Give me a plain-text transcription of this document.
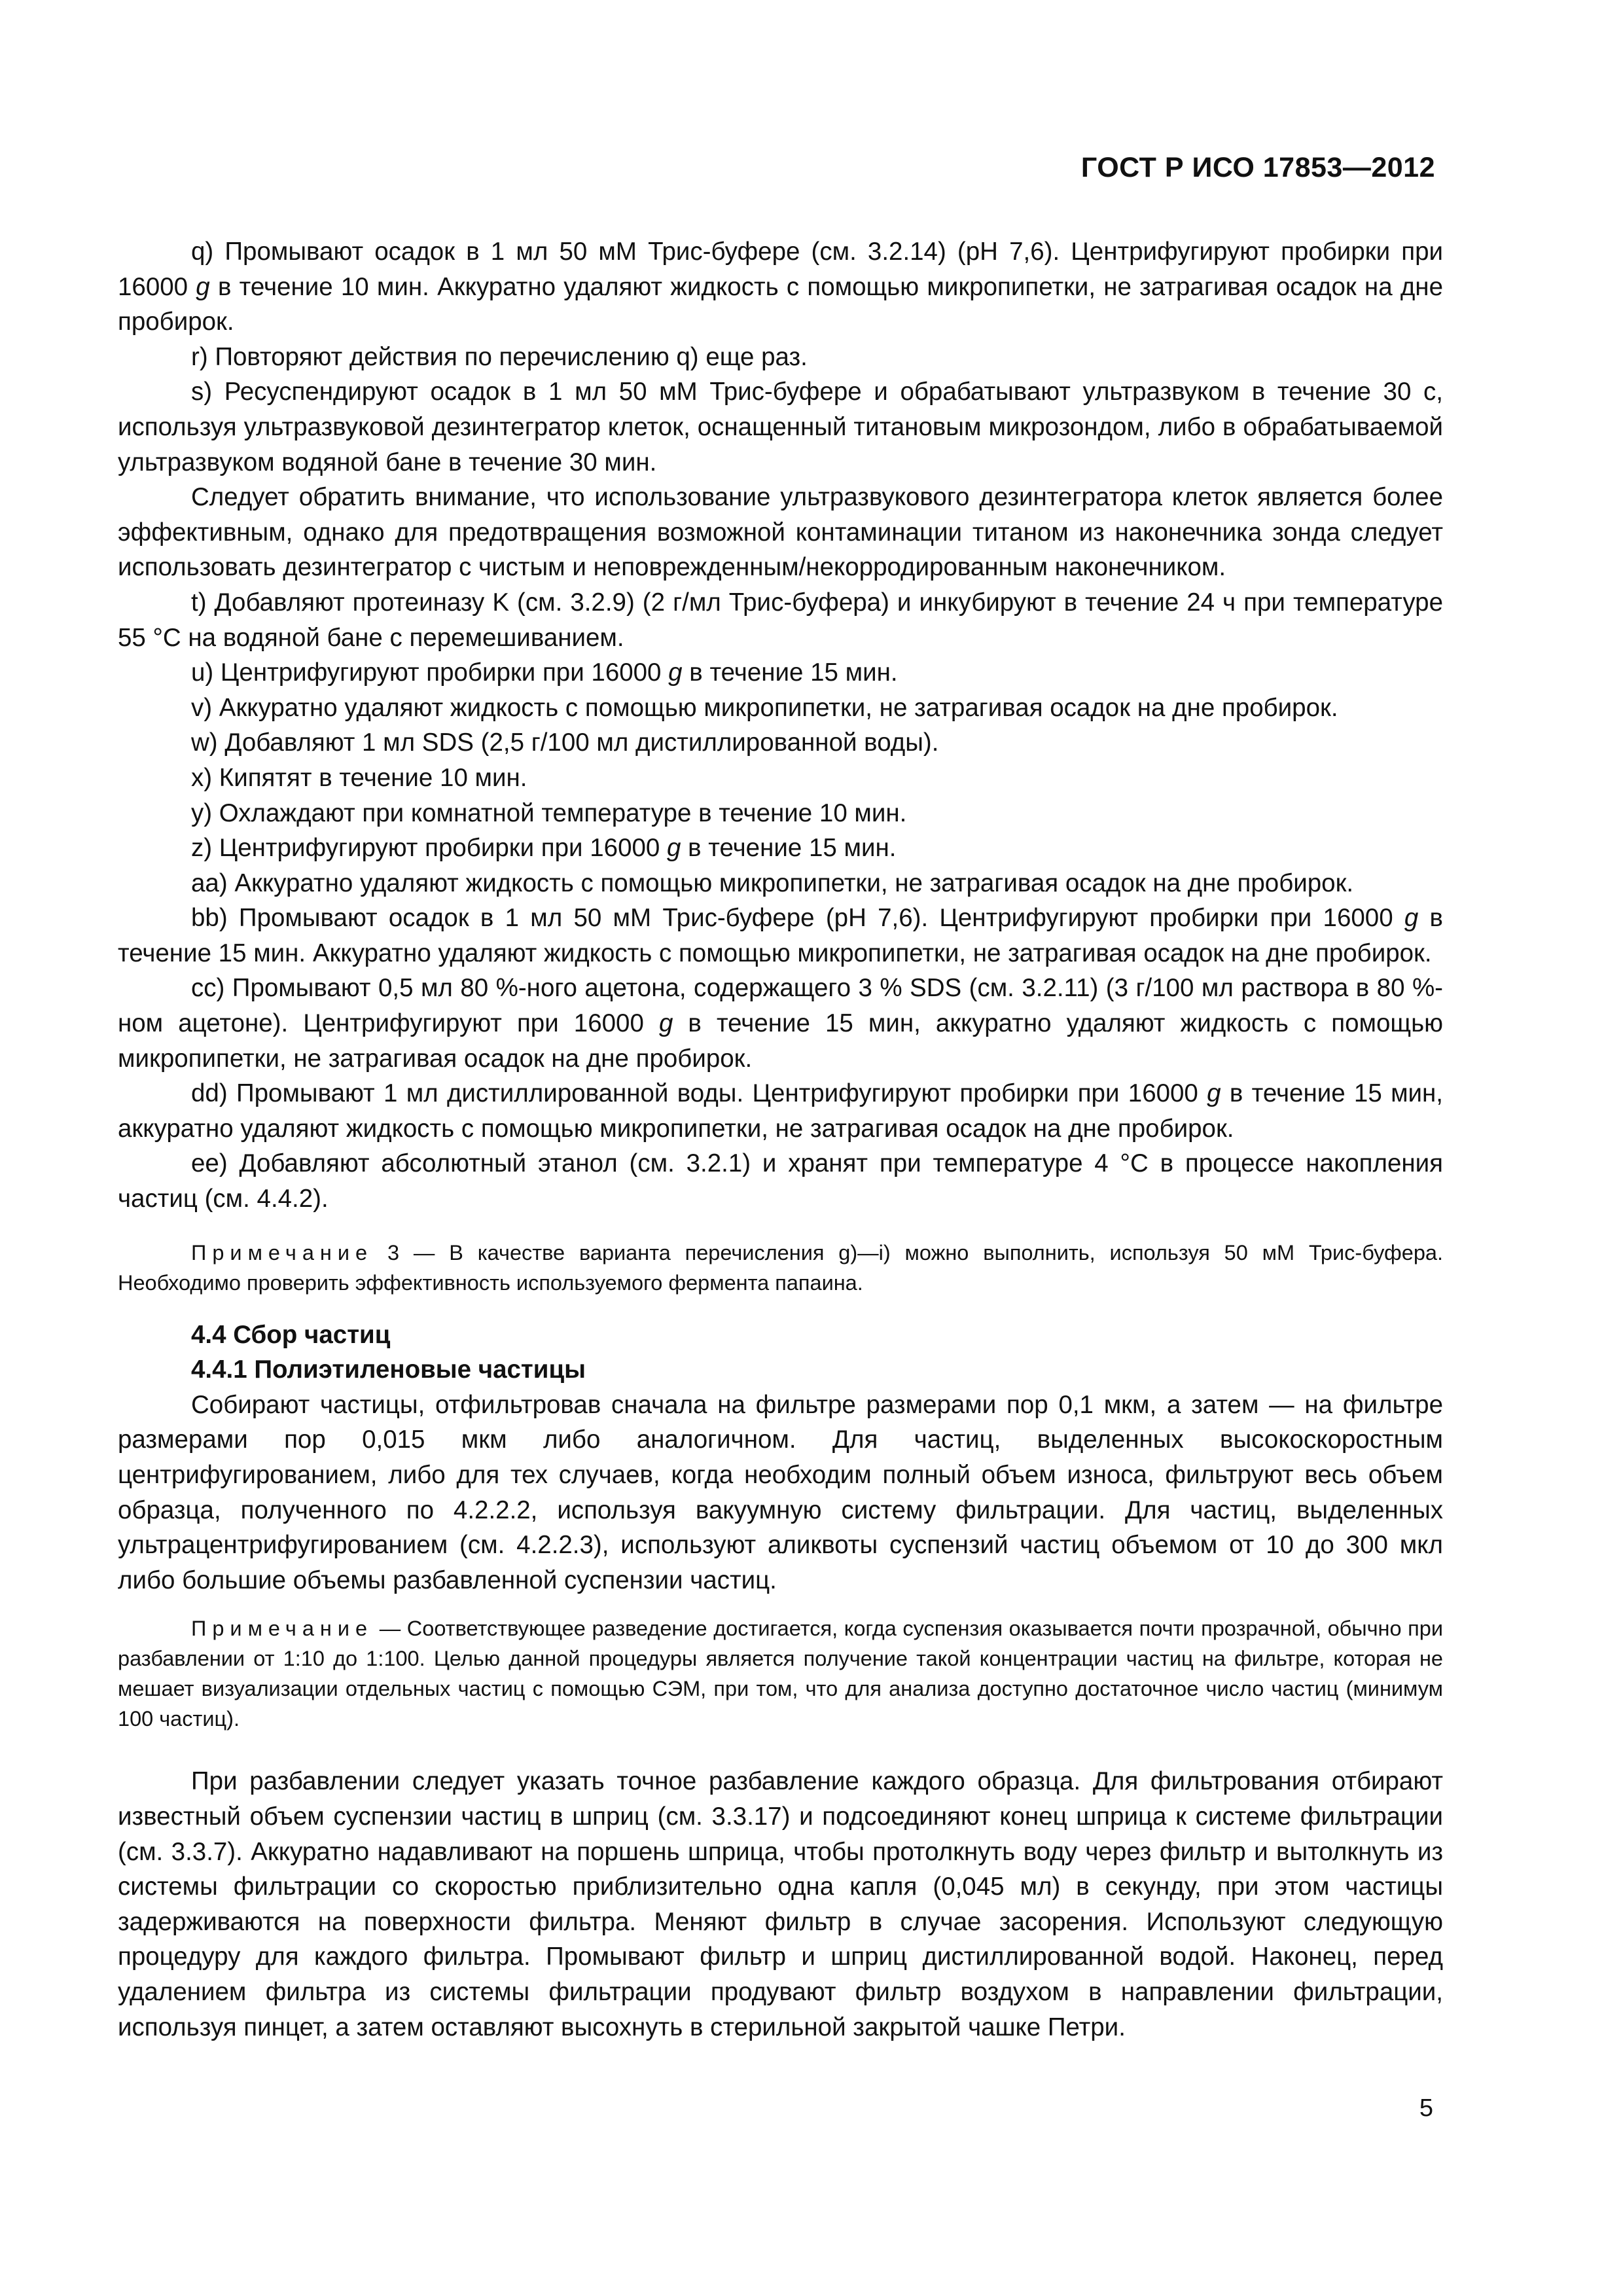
ГОСТ Р ИСО 17853—2012

q) Промывают осадок в 1 мл 50 мМ Трис-буфере (см. 3.2.14) (pH 7,6). Центрифугируют пробирки при 16000 g в течение 10 мин. Аккуратно удаляют жидкость с помощью микропипетки, не затрагивая осадок на дне пробирок.

r) Повторяют действия по перечислению q) еще раз.

s) Ресуспендируют осадок в 1 мл 50 мМ Трис-буфере и обрабатывают ультразвуком в течение 30 с, используя ультразвуковой дезинтегратор клеток, оснащенный титановым микрозондом, либо в обрабатываемой ультразвуком водяной бане в течение 30 мин.

Следует обратить внимание, что использование ультразвукового дезинтегратора клеток является более эффективным, однако для предотвращения возможной контаминации титаном из наконечника зонда следует использовать дезинтегратор с чистым и неповрежденным/некорродированным наконечником.

t) Добавляют протеиназу K (см. 3.2.9) (2 г/мл Трис-буфера) и инкубируют в течение 24 ч при температуре 55 °C на водяной бане с перемешиванием.

u) Центрифугируют пробирки при 16000 g в течение 15 мин.

v) Аккуратно удаляют жидкость с помощью микропипетки, не затрагивая осадок на дне пробирок.

w) Добавляют 1 мл SDS (2,5 г/100 мл дистиллированной воды).

x) Кипятят в течение 10 мин.

y) Охлаждают при комнатной температуре в течение 10 мин.

z) Центрифугируют пробирки при 16000 g в течение 15 мин.

aa) Аккуратно удаляют жидкость с помощью микропипетки, не затрагивая осадок на дне пробирок.

bb) Промывают осадок в 1 мл 50 мМ Трис-буфере (pH 7,6). Центрифугируют пробирки при 16000 g в течение 15 мин. Аккуратно удаляют жидкость с помощью микропипетки, не затрагивая осадок на дне пробирок.

cc) Промывают 0,5 мл 80 %-ного ацетона, содержащего 3 % SDS (см. 3.2.11) (3 г/100 мл раствора в 80 %-ном ацетоне). Центрифугируют при 16000 g в течение 15 мин, аккуратно удаляют жидкость с помощью микропипетки, не затрагивая осадок на дне пробирок.

dd) Промывают 1 мл дистиллированной воды. Центрифугируют пробирки при 16000 g в течение 15 мин, аккуратно удаляют жидкость с помощью микропипетки, не затрагивая осадок на дне пробирок.

ee) Добавляют абсолютный этанол (см. 3.2.1) и хранят при температуре 4 °C в процессе накопления частиц (см. 4.4.2).

Примечание 3 — В качестве варианта перечисления g)—i) можно выполнить, используя 50 мМ Трис-буфера. Необходимо проверить эффективность используемого фермента папаина.

4.4 Сбор частиц

4.4.1 Полиэтиленовые частицы

Собирают частицы, отфильтровав сначала на фильтре размерами пор 0,1 мкм, а затем — на фильтре размерами пор 0,015 мкм либо аналогичном. Для частиц, выделенных высокоскоростным центрифугированием, либо для тех случаев, когда необходим полный объем износа, фильтруют весь объем образца, полученного по 4.2.2.2, используя вакуумную систему фильтрации. Для частиц, выделенных ультрацентрифугированием (см. 4.2.2.3), используют аликвоты суспензий частиц объемом от 10 до 300 мкл либо большие объемы разбавленной суспензии частиц.

Примечание — Соответствующее разведение достигается, когда суспензия оказывается почти прозрачной, обычно при разбавлении от 1:10 до 1:100. Целью данной процедуры является получение такой концентрации частиц на фильтре, которая не мешает визуализации отдельных частиц с помощью СЭМ, при том, что для анализа доступно достаточное число частиц (минимум 100 частиц).

При разбавлении следует указать точное разбавление каждого образца. Для фильтрования отбирают известный объем суспензии частиц в шприц (см. 3.3.17) и подсоединяют конец шприца к системе фильтрации (см. 3.3.7). Аккуратно надавливают на поршень шприца, чтобы протолкнуть воду через фильтр и вытолкнуть из системы фильтрации со скоростью приблизительно одна капля (0,045 мл) в секунду, при этом частицы задерживаются на поверхности фильтра. Меняют фильтр в случае засорения. Используют следующую процедуру для каждого фильтра. Промывают фильтр и шприц дистиллированной водой. Наконец, перед удалением фильтра из системы фильтрации продувают фильтр воздухом в направлении фильтрации, используя пинцет, а затем оставляют высохнуть в стерильной закрытой чашке Петри.

5
